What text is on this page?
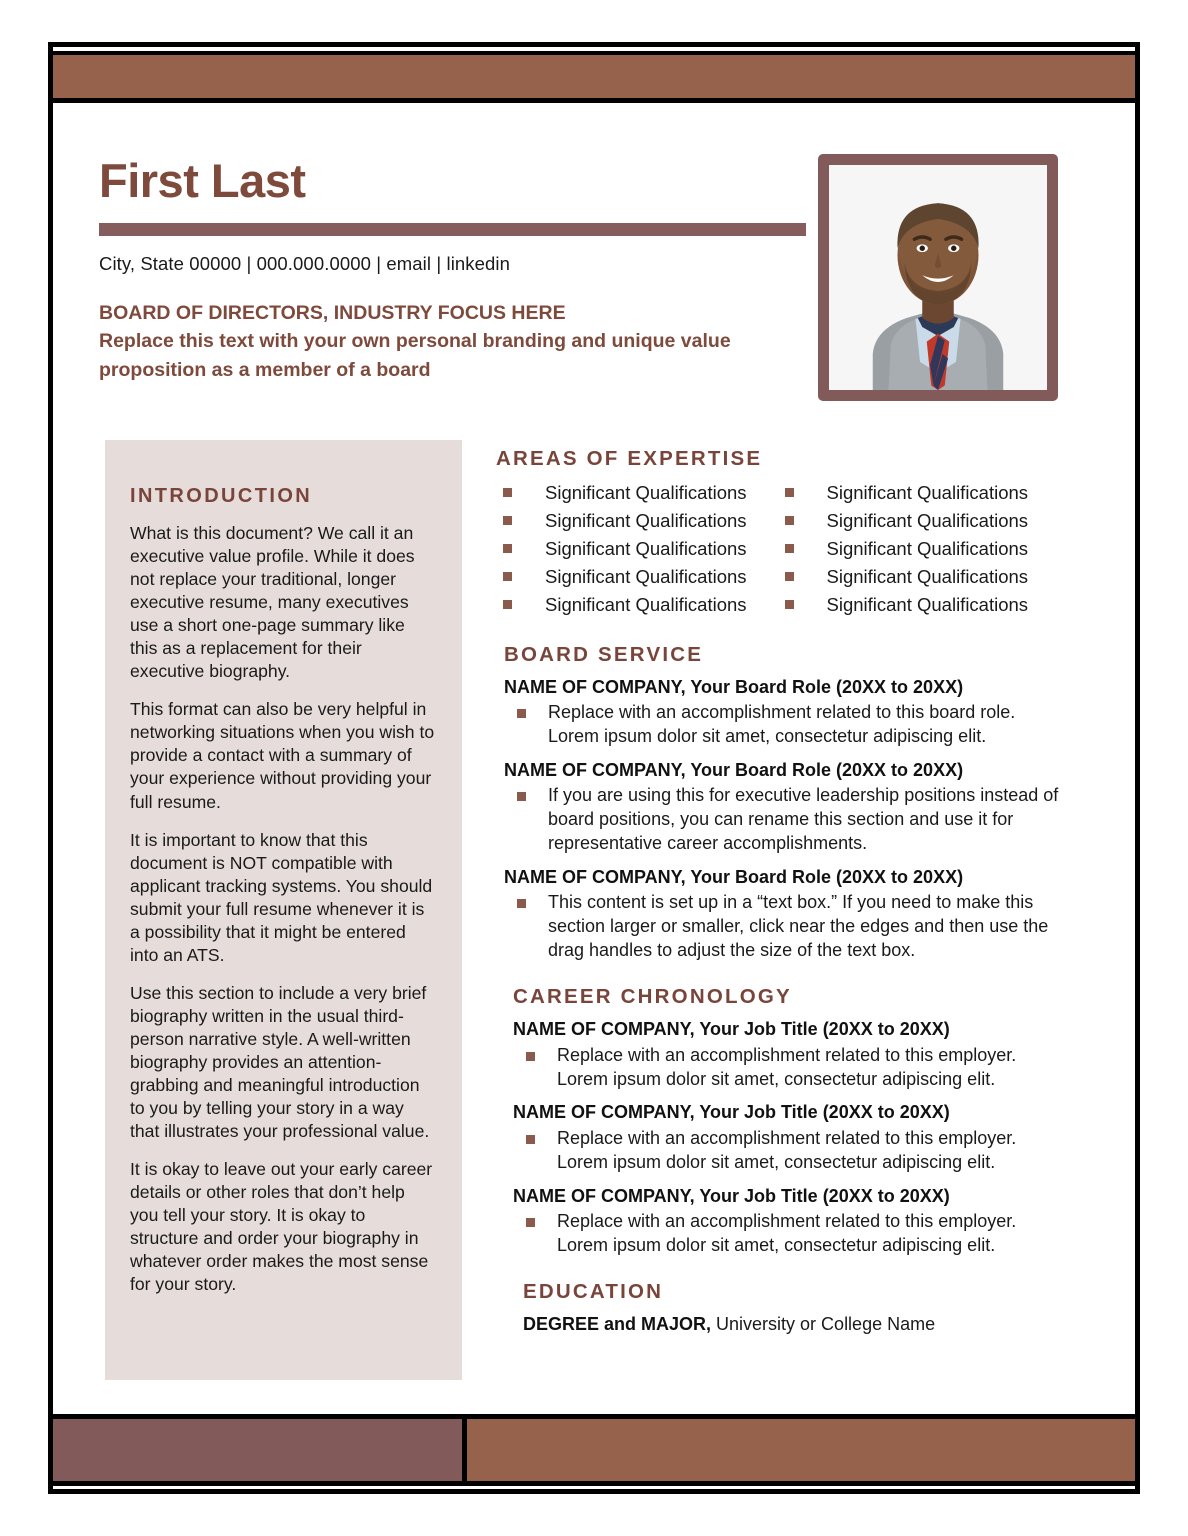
First Last
City, State 00000 | 000.000.0000 | email | linkedin
BOARD OF DIRECTORS, INDUSTRY FOCUS HERE
Replace this text with your own personal branding and unique value proposition as a member of a board
INTRODUCTION

What is this document? We call it an executive value profile. While it does not replace your traditional, longer executive resume, many executives use a short one-page summary like this as a replacement for their executive biography.

This format can also be very helpful in networking situations when you wish to provide a contact with a summary of your experience without providing your full resume.

It is important to know that this document is NOT compatible with applicant tracking systems. You should submit your full resume whenever it is a possibility that it might be entered into an ATS.

Use this section to include a very brief biography written in the usual third-person narrative style. A well-written biography provides an attention-grabbing and meaningful introduction to you by telling your story in a way that illustrates your professional value.

It is okay to leave out your early career details or other roles that don’t help you tell your story. It is okay to structure and order your biography in whatever order makes the most sense for your story.

AREAS OF EXPERTISE
Significant Qualifications
Significant Qualifications
Significant Qualifications
Significant Qualifications
Significant Qualifications
Significant Qualifications
Significant Qualifications
Significant Qualifications
Significant Qualifications
Significant Qualifications
BOARD SERVICE
NAME OF COMPANY, Your Board Role (20XX to 20XX)
Replace with an accomplishment related to this board role. Lorem ipsum dolor sit amet, consectetur adipiscing elit.
NAME OF COMPANY, Your Board Role (20XX to 20XX)
If you are using this for executive leadership positions instead of board positions, you can rename this section and use it for representative career accomplishments.
NAME OF COMPANY, Your Board Role (20XX to 20XX)
This content is set up in a “text box.” If you need to make this section larger or smaller, click near the edges and then use the drag handles to adjust the size of the text box.
CAREER CHRONOLOGY
NAME OF COMPANY, Your Job Title (20XX to 20XX)
Replace with an accomplishment related to this employer. Lorem ipsum dolor sit amet, consectetur adipiscing elit.
NAME OF COMPANY, Your Job Title (20XX to 20XX)
Replace with an accomplishment related to this employer. Lorem ipsum dolor sit amet, consectetur adipiscing elit.
NAME OF COMPANY, Your Job Title (20XX to 20XX)
Replace with an accomplishment related to this employer. Lorem ipsum dolor sit amet, consectetur adipiscing elit.
EDUCATION
DEGREE and MAJOR, University or College Name
